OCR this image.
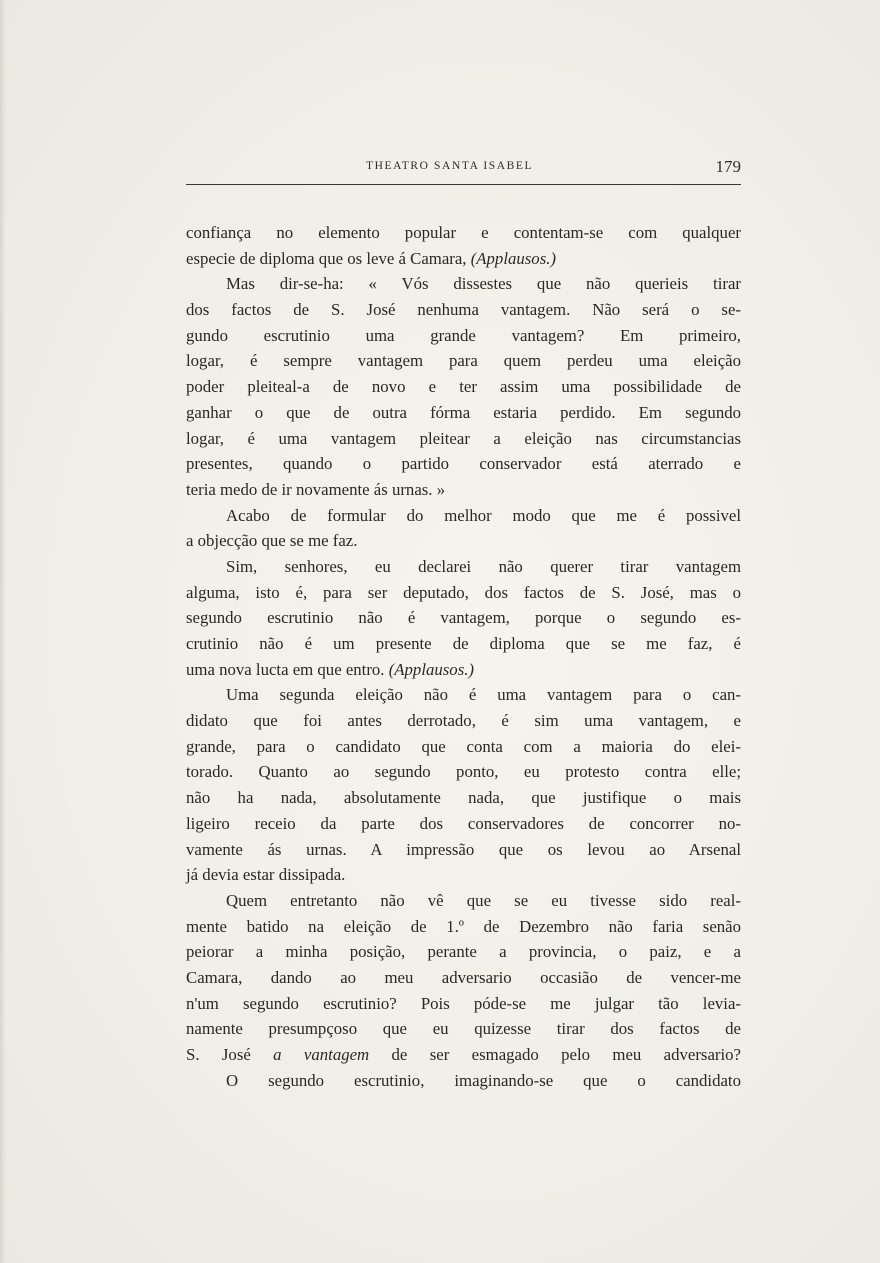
THEATRO SANTA ISABEL	179
confiança no elemento popular e contentam-se com qualquer
especie de diploma que os leve á Camara, (Applausos.)
Mas dir-se-ha: « Vós dissestes que não querieis tirar
dos factos de S. José nenhuma vantagem. Não será o se-
gundo escrutinio uma grande vantagem? Em primeiro,
logar, é sempre vantagem para quem perdeu uma eleição
poder pleiteal-a de novo e ter assim uma possibilidade de
ganhar o que de outra fórma estaria perdido. Em segundo
logar, é uma vantagem pleitear a eleição nas circumstancias
presentes, quando o partido conservador está aterrado e
teria medo de ir novamente ás urnas. »
Acabo de formular do melhor modo que me é possivel
a objecção que se me faz.
Sim, senhores, eu declarei não querer tirar vantagem
alguma, isto é, para ser deputado, dos factos de S. José, mas o
segundo escrutinio não é vantagem, porque o segundo es-
crutinio não é um presente de diploma que se me faz, é
uma nova lucta em que entro. (Applausos.)
Uma segunda eleição não é uma vantagem para o can-
didato que foi antes derrotado, é sim uma vantagem, e
grande, para o candidato que conta com a maioria do elei-
torado. Quanto ao segundo ponto, eu protesto contra elle;
não ha nada, absolutamente nada, que justifique o mais
ligeiro receio da parte dos conservadores de concorrer no-
vamente ás urnas. A impressão que os levou ao Arsenal
já devia estar dissipada.
Quem entretanto não vê que se eu tivesse sido real-
mente batido na eleição de 1.º de Dezembro não faria senão
peiorar a minha posição, perante a provincia, o paiz, e a
Camara, dando ao meu adversario occasião de vencer-me
n'um segundo escrutinio? Pois póde-se me julgar tão levia-
namente presumpçoso que eu quizesse tirar dos factos de
S. José a vantagem de ser esmagado pelo meu adversario?
O segundo escrutinio, imaginando-se que o candidato
